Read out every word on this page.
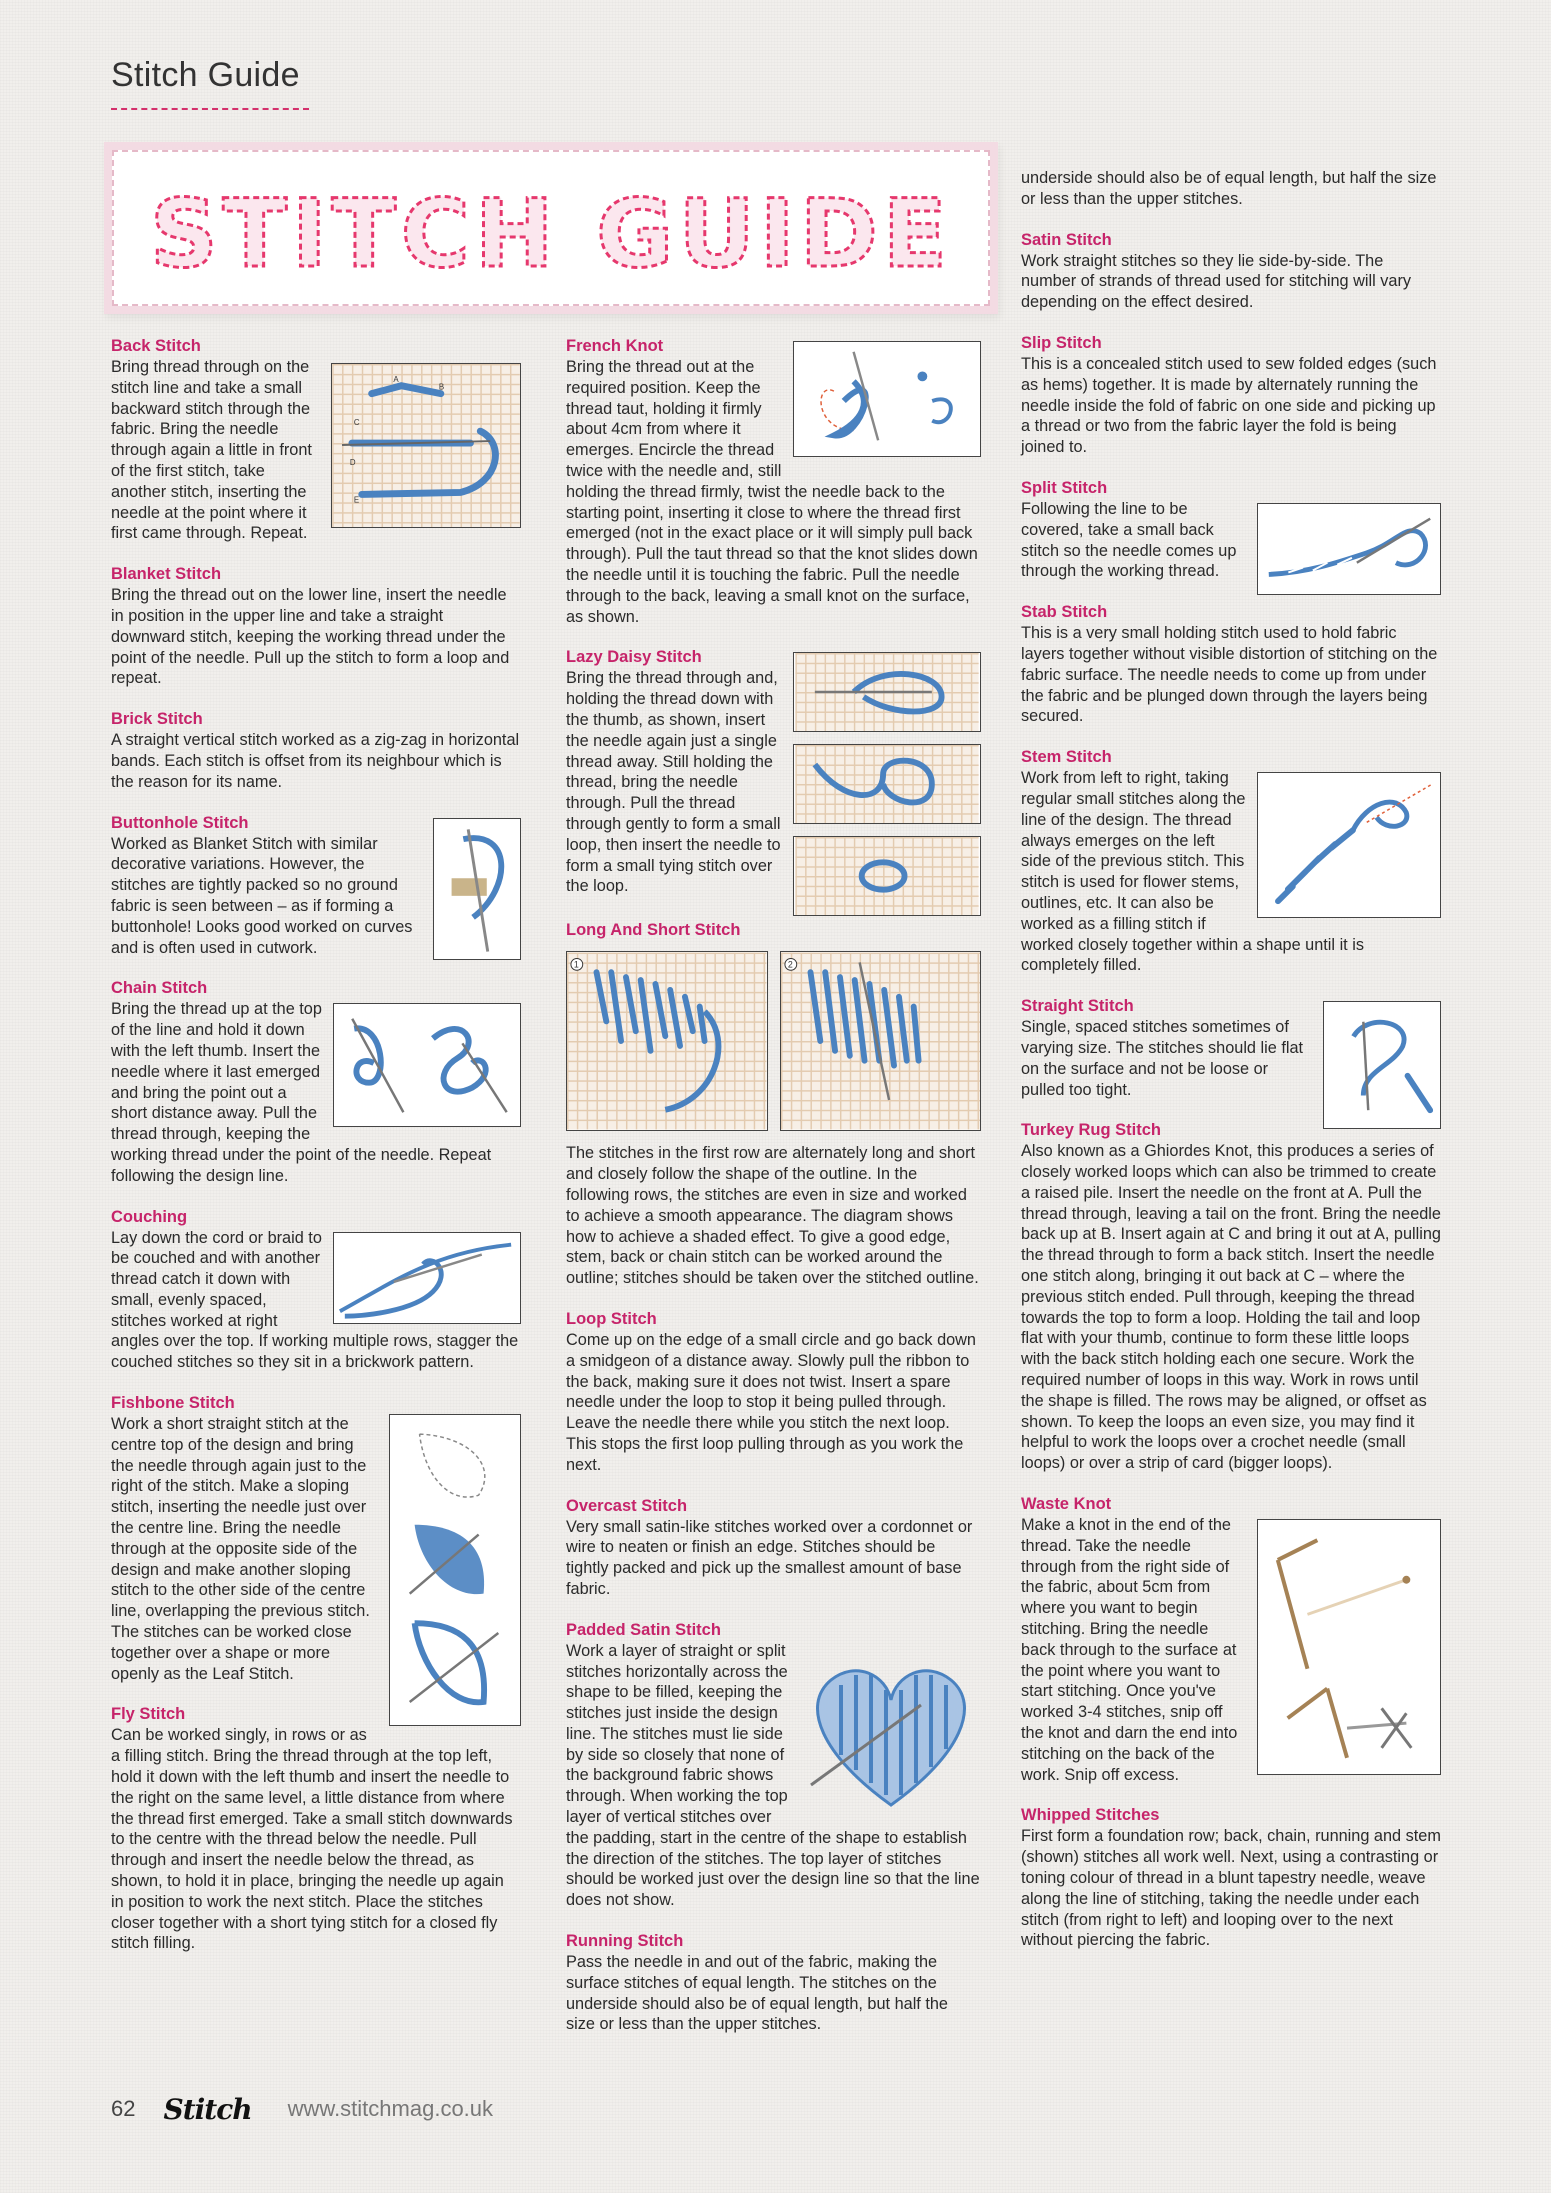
Stitch Guide
STITCH GUIDE
Back Stitch
A
B
C
D
E

Bring thread through on the stitch line and take a small backward stitch through the fabric. Bring the needle through again a little in front of the first stitch, take another stitch, inserting the needle at the point where it first came through. Repeat.

Blanket Stitch

Bring the thread out on the lower line, insert the needle in position in the upper line and take a straight downward stitch, keeping the working thread under the point of the needle. Pull up the stitch to form a loop and repeat.

Brick Stitch

A straight vertical stitch worked as a zig-zag in horizontal bands. Each stitch is offset from its neighbour which is the reason for its name.

Buttonhole Stitch

Worked as Blanket Stitch with similar decorative variations. However, the stitches are tightly packed so no ground fabric is seen between – as if forming a buttonhole! Looks good worked on curves and is often used in cutwork.

Chain Stitch

Bring the thread up at the top of the line and hold it down with the left thumb. Insert the needle where it last emerged and bring the point out a short distance away. Pull the thread through, keeping the working thread under the point of the needle. Repeat following the design line.

Couching

Lay down the cord or braid to be couched and with another thread catch it down with small, evenly spaced, stitches worked at right angles over the top. If working multiple rows, stagger the couched stitches so they sit in a brickwork pattern.

Fishbone Stitch

Work a short straight stitch at the centre top of the design and bring the needle through again just to the right of the stitch. Make a sloping stitch, inserting the needle just over the centre line. Bring the needle through at the opposite side of the design and make another sloping stitch to the other side of the centre line, overlapping the previous stitch. The stitches can be worked close together over a shape or more openly as the Leaf Stitch.

Fly Stitch

Can be worked singly, in rows or as a filling stitch. Bring the thread through at the top left, hold it down with the left thumb and insert the needle to the right on the same level, a little distance from where the thread first emerged. Take a small stitch downwards to the centre with the thread below the needle. Pull through and insert the needle below the thread, as shown, to hold it in place, bringing the needle up again in position to work the next stitch. Place the stitches closer together with a short tying stitch for a closed fly stitch filling.

French Knot

Bring the thread out at the required position. Keep the thread taut, holding it firmly about 4cm from where it emerges. Encircle the thread twice with the needle and, still holding the thread firmly, twist the needle back to the starting point, inserting it close to where the thread first emerged (not in the exact place or it will simply pull back through). Pull the taut thread so that the knot slides down the needle until it is touching the fabric. Pull the needle through to the back, leaving a small knot on the surface, as shown.

Lazy Daisy Stitch

Bring the thread through and, holding the thread down with the thumb, as shown, insert the needle again just a single thread away. Still holding the thread, bring the needle through. Pull the thread through gently to form a small loop, then insert the needle to form a small tying stitch over the loop.

Long And Short Stitch
1	2

The stitches in the first row are alternately long and short and closely follow the shape of the outline. In the following rows, the stitches are even in size and worked to achieve a smooth appearance. The diagram shows how to achieve a shaded effect. To give a good edge, stem, back or chain stitch can be worked around the outline; stitches should be taken over the stitched outline.

Loop Stitch

Come up on the edge of a small circle and go back down a smidgeon of a distance away. Slowly pull the ribbon to the back, making sure it does not twist. Insert a spare needle under the loop to stop it being pulled through. Leave the needle there while you stitch the next loop. This stops the first loop pulling through as you work the next.

Overcast Stitch

Very small satin-like stitches worked over a cordonnet or wire to neaten or finish an edge. Stitches should be tightly packed and pick up the smallest amount of base fabric.

Padded Satin Stitch

Work a layer of straight or split stitches horizontally across the shape to be filled, keeping the stitches just inside the design line. The stitches must lie side by side so closely that none of the background fabric shows through. When working the top layer of vertical stitches over the padding, start in the centre of the shape to establish the direction of the stitches. The top layer of stitches should be worked just over the design line so that the line does not show.

Running Stitch

Pass the needle in and out of the fabric, making the surface stitches of equal length. The stitches on the underside should also be of equal length, but half the size or less than the upper stitches.

underside should also be of equal length, but half the size or less than the upper stitches.

Satin Stitch

Work straight stitches so they lie side-by-side. The number of strands of thread used for stitching will vary depending on the effect desired.

Slip Stitch

This is a concealed stitch used to sew folded edges (such as hems) together. It is made by alternately running the needle inside the fold of fabric on one side and picking up a thread or two from the fabric layer the fold is being joined to.

Split Stitch

Following the line to be covered, take a small back stitch so the needle comes up through the working thread.

Stab Stitch

This is a very small holding stitch used to hold fabric layers together without visible distortion of stitching on the fabric surface. The needle needs to come up from under the fabric and be plunged down through the layers being secured.

Stem Stitch

Work from left to right, taking regular small stitches along the line of the design. The thread always emerges on the left side of the previous stitch. This stitch is used for flower stems, outlines, etc. It can also be worked as a filling stitch if worked closely together within a shape until it is completely filled.

Straight Stitch

Single, spaced stitches sometimes of varying size. The stitches should lie flat on the surface and not be loose or pulled too tight.

Turkey Rug Stitch

Also known as a Ghiordes Knot, this produces a series of closely worked loops which can also be trimmed to create a raised pile. Insert the needle on the front at A. Pull the thread through, leaving a tail on the front. Bring the needle back up at B. Insert again at C and bring it out at A, pulling the thread through to form a back stitch. Insert the needle one stitch along, bringing it out back at C – where the previous stitch ended. Pull through, keeping the thread towards the top to form a loop. Holding the tail and loop flat with your thumb, continue to form these little loops with the back stitch holding each one secure. Work the required number of loops in this way. Work in rows until the shape is filled. The rows may be aligned, or offset as shown. To keep the loops an even size, you may find it helpful to work the loops over a crochet needle (small loops) or over a strip of card (bigger loops).

Waste Knot

Make a knot in the end of the thread. Take the needle through from the right side of the fabric, about 5cm from where you want to begin stitching. Bring the needle back through to the surface at the point where you want to start stitching. Once you've worked 3-4 stitches, snip off the knot and darn the end into stitching on the back of the work. Snip off excess.

Whipped Stitches

First form a foundation row; back, chain, running and stem (shown) stitches all work well. Next, using a contrasting or toning colour of thread in a blunt tapestry needle, weave along the line of stitching, taking the needle under each stitch (from right to left) and looping over to the next without piercing the fabric.

62 Stitch www.stitchmag.co.uk
